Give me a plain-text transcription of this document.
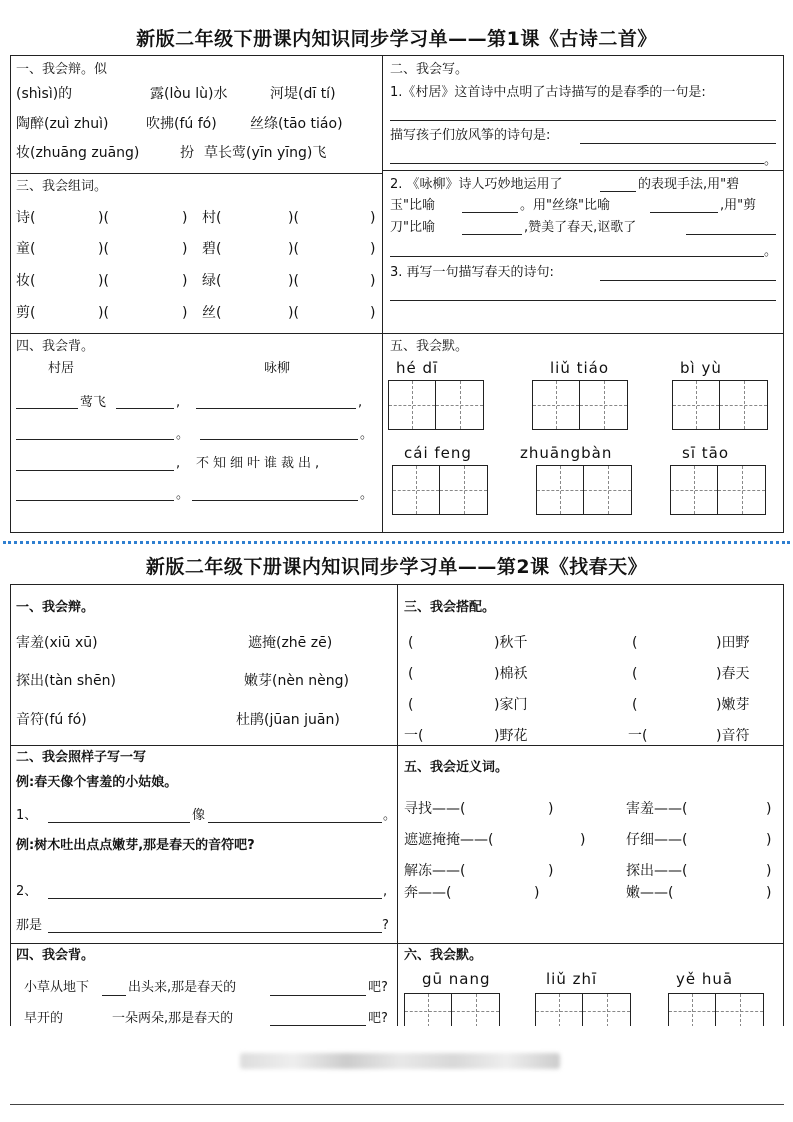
新版二年级下册课内知识同步学习单——第1课《古诗二首》
一、我会辩。似
(shìsì)的	露(lòu lù)水	河堤(dī tí)
陶醉(zuì zhuì)	吹拂(fú fó) 丝绦(tāo tiáo)
妆(zhuāng zuāng)	扮 草长莺(yīn yīng)飞
二、我会写。
1.《村居》这首诗中点明了古诗描写的是春季的一句是:
描写孩子们放风筝的诗句是:
。
2. 《咏柳》诗人巧妙地运用了	的表现手法,用"碧
玉"比喻	。用"丝绦"比喻	,用"剪
刀"比喻	,赞美了春天,讴歌了
。
3. 再写一句描写春天的诗句:
三、我会组词。
诗(	)(	) 村(	)(	)
童(	)(	) 碧(	)(	)
妆(	)(	) 绿(	)(	)
剪(	)(	) 丝(	)(	)
四、我会背。
村居	咏柳
莺飞	,	,
。	。
, 不知细叶谁裁出,
。	。
五、我会默。
hé dī	liǔ tiáo	bì yù
cái feng	zhuāngbàn	sī tāo
新版二年级下册课内知识同步学习单——第2课《找春天》
一、我会辩。
害羞(xiū xū)	遮掩(zhē zē)
探出(tàn shēn)	嫩芽(nèn nèng)
音符(fú fó)	杜鹃(jūan juān)
三、我会搭配。
(	)秋千	(	)田野
(	)棉袄	(	)春天
(	)家门	(	)嫩芽
一(	)野花	一(	)音符
二、我会照样子写一写
例:春天像个害羞的小姑娘。
1、	像	。
例:树木吐出点点嫩芽,那是春天的音符吧?
2、	,
那是	?
五、我会近义词。
寻找——(	)	害羞——(	)
遮遮掩掩——(	)	仔细——(	)
解冻——(	)	探出——(	)
奔——(	)	嫩——(	)
四、我会背。
小草从地下	出头来,那是春天的	吧?
早开的	一朵两朵,那是春天的	吧?
六、我会默。
gū nang	liǔ zhī	yě huā
